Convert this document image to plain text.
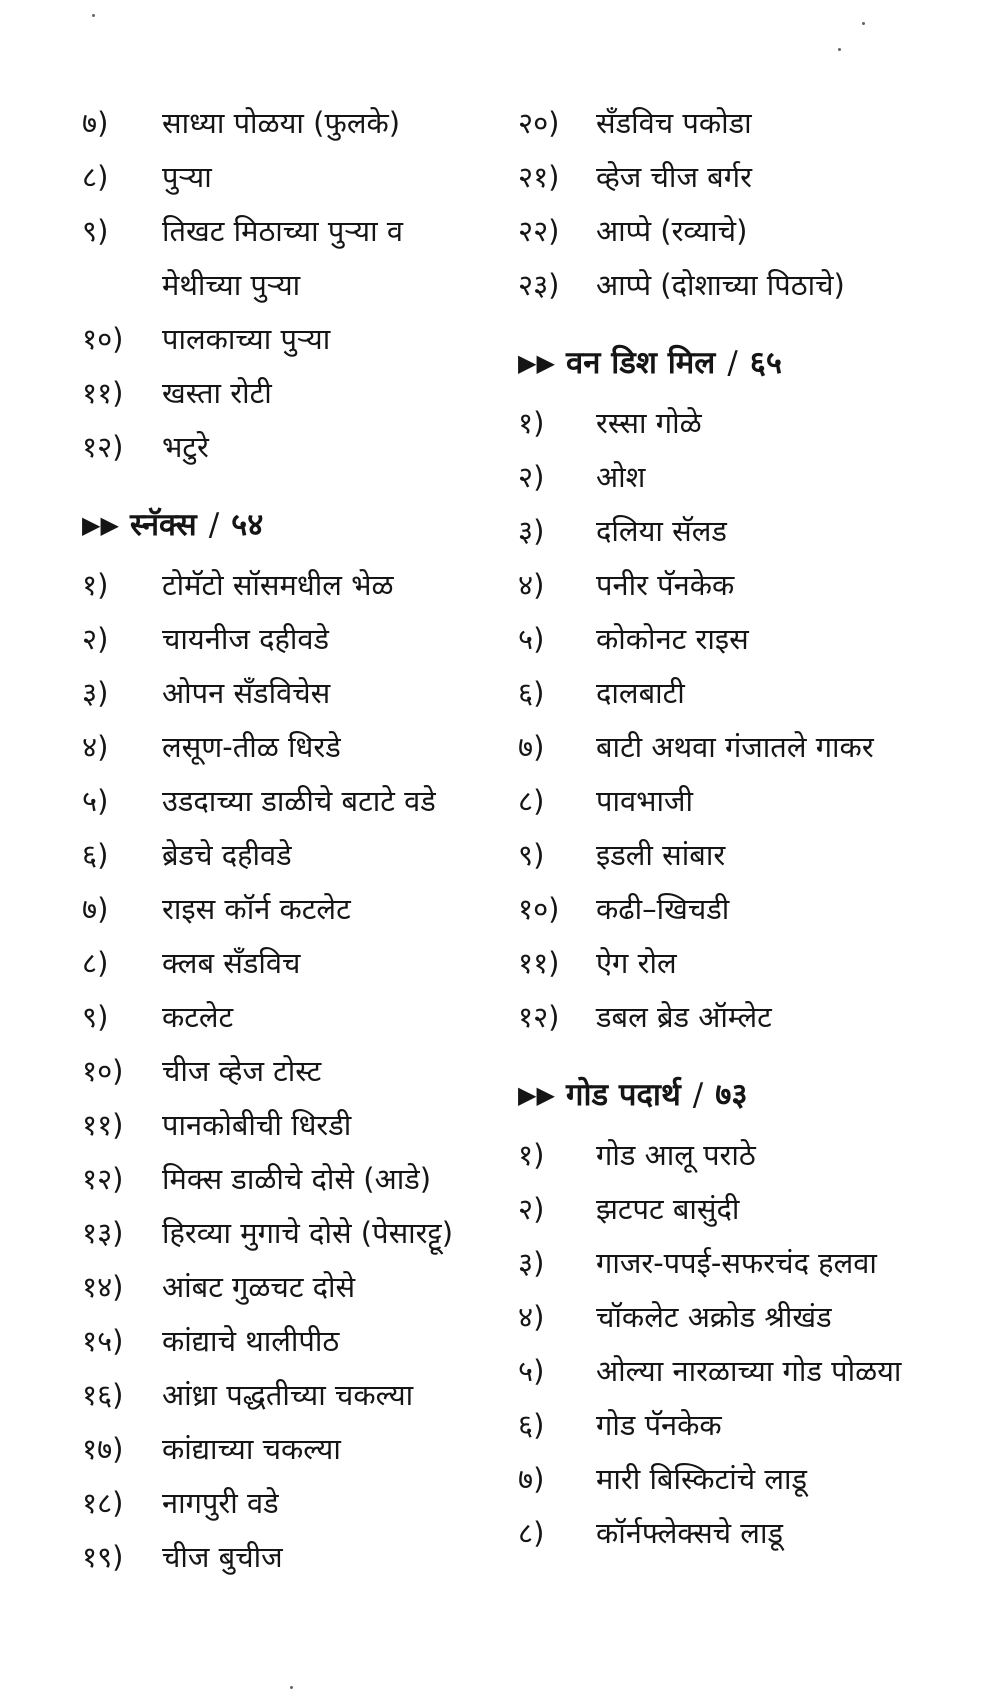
७)	साध्या पोळया (फुलके)
८)	पुऱ्या
९)	तिखट मिठाच्या पुऱ्या व
मेथीच्या पुऱ्या
१०)	पालकाच्या पुऱ्या
११)	खस्ता रोटी
१२)	भटुरे
▶▶ स्नॅक्स / ५४
१)	टोमॅटो सॉसमधील भेळ
२)	चायनीज दहीवडे
३)	ओपन सँडविचेस
४)	लसूण-तीळ धिरडे
५)	उडदाच्या डाळीचे बटाटे वडे
६)	ब्रेडचे दहीवडे
७)	राइस कॉर्न कटलेट
८)	क्लब सँडविच
९)	कटलेट
१०)	चीज व्हेज टोस्ट
११)	पानकोबीची धिरडी
१२)	मिक्स डाळीचे दोसे (आडे)
१३)	हिरव्या मुगाचे दोसे (पेसारट्टू)
१४)	आंबट गुळचट दोसे
१५)	कांद्याचे थालीपीठ
१६)	आंध्रा पद्धतीच्या चकल्या
१७)	कांद्याच्या चकल्या
१८)	नागपुरी वडे
१९)	चीज बुचीज
२०)	सँडविच पकोडा
२१)	व्हेज चीज बर्गर
२२)	आप्पे (रव्याचे)
२३)	आप्पे (दोशाच्या पिठाचे)
▶▶ वन डिश मिल / ६५
१)	रस्सा गोळे
२)	ओश
३)	दलिया सॅलड
४)	पनीर पॅनकेक
५)	कोकोनट राइस
६)	दालबाटी
७)	बाटी अथवा गंजातले गाकर
८)	पावभाजी
९)	इडली सांबार
१०)	कढी–खिचडी
११)	ऐग रोल
१२)	डबल ब्रेड ऑम्लेट
▶▶ गोड पदार्थ / ७३
१)	गोड आलू पराठे
२)	झटपट बासुंदी
३)	गाजर-पपई-सफरचंद हलवा
४)	चॉकलेट अक्रोड श्रीखंड
५)	ओल्या नारळाच्या गोड पोळया
६)	गोड पॅनकेक
७)	मारी बिस्किटांचे लाडू
८)	कॉर्नफ्लेक्सचे लाडू
